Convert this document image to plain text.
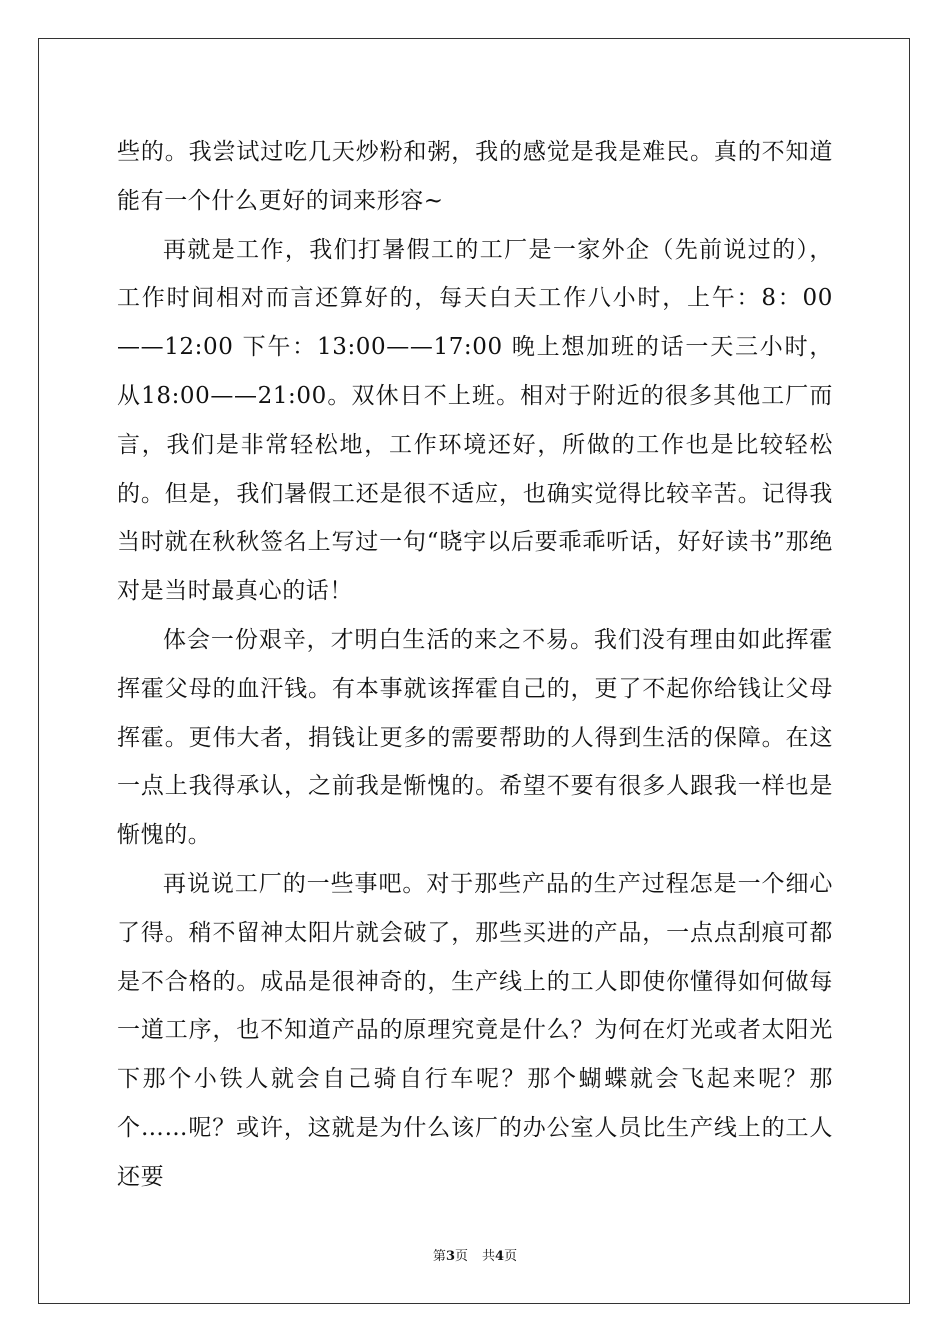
些的。我尝试过吃几天炒粉和粥，我的感觉是我是难民。真的不知道能有一个什么更好的词来形容~

再就是工作，我们打暑假工的工厂是一家外企（先前说过的），工作时间相对而言还算好的，每天白天工作八小时，上午：8：00——12:00 下午：13:00——17:00 晚上想加班的话一天三小时，从18:00——21:00。双休日不上班。相对于附近的很多其他工厂而言，我们是非常轻松地，工作环境还好，所做的工作也是比较轻松的。但是，我们暑假工还是很不适应，也确实觉得比较辛苦。记得我当时就在秋秋签名上写过一句“晓宇以后要乖乖听话，好好读书”那绝对是当时最真心的话！

体会一份艰辛，才明白生活的来之不易。我们没有理由如此挥霍挥霍父母的血汗钱。有本事就该挥霍自己的，更了不起你给钱让父母挥霍。更伟大者，捐钱让更多的需要帮助的人得到生活的保障。在这一点上我得承认，之前我是惭愧的。希望不要有很多人跟我一样也是惭愧的。

再说说工厂的一些事吧。对于那些产品的生产过程怎是一个细心了得。稍不留神太阳片就会破了，那些买进的产品，一点点刮痕可都是不合格的。成品是很神奇的，生产线上的工人即使你懂得如何做每一道工序，也不知道产品的原理究竟是什么？为何在灯光或者太阳光下那个小铁人就会自己骑自行车呢？那个蝴蝶就会飞起来呢？那个……呢？或许，这就是为什么该厂的办公室人员比生产线上的工人还要

第3页 共4页
